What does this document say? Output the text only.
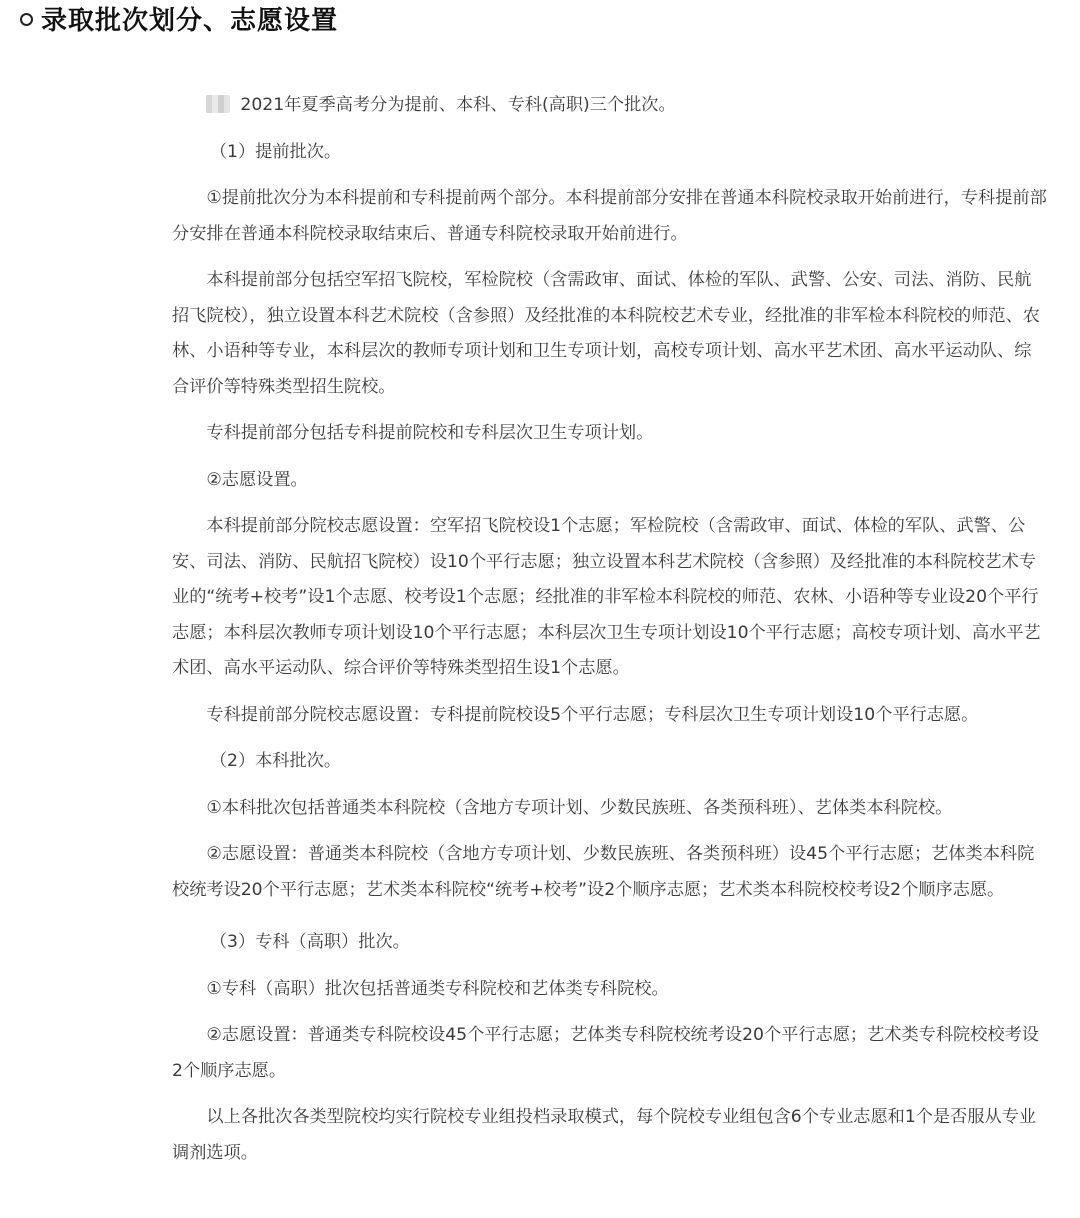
录取批次划分、志愿设置

2021年夏季高考分为提前、本科、专科(高职)三个批次。

（1）提前批次。

①提前批次分为本科提前和专科提前两个部分。本科提前部分安排在普通本科院校录取开始前进行，专科提前部分安排在普通本科院校录取结束后、普通专科院校录取开始前进行。

本科提前部分包括空军招飞院校，军检院校（含需政审、面试、体检的军队、武警、公安、司法、消防、民航招飞院校），独立设置本科艺术院校（含参照）及经批准的本科院校艺术专业，经批准的非军检本科院校的师范、农林、小语种等专业，本科层次的教师专项计划和卫生专项计划，高校专项计划、高水平艺术团、高水平运动队、综合评价等特殊类型招生院校。

专科提前部分包括专科提前院校和专科层次卫生专项计划。

②志愿设置。

本科提前部分院校志愿设置：空军招飞院校设1个志愿；军检院校（含需政审、面试、体检的军队、武警、公安、司法、消防、民航招飞院校）设10个平行志愿；独立设置本科艺术院校（含参照）及经批准的本科院校艺术专业的“统考+校考”设1个志愿、校考设1个志愿；经批准的非军检本科院校的师范、农林、小语种等专业设20个平行志愿；本科层次教师专项计划设10个平行志愿；本科层次卫生专项计划设10个平行志愿；高校专项计划、高水平艺术团、高水平运动队、综合评价等特殊类型招生设1个志愿。

专科提前部分院校志愿设置：专科提前院校设5个平行志愿；专科层次卫生专项计划设10个平行志愿。

（2）本科批次。

①本科批次包括普通类本科院校（含地方专项计划、少数民族班、各类预科班）、艺体类本科院校。

②志愿设置：普通类本科院校（含地方专项计划、少数民族班、各类预科班）设45个平行志愿；艺体类本科院校统考设20个平行志愿；艺术类本科院校“统考+校考”设2个顺序志愿；艺术类本科院校校考设2个顺序志愿。

（3）专科（高职）批次。

①专科（高职）批次包括普通类专科院校和艺体类专科院校。

②志愿设置：普通类专科院校设45个平行志愿；艺体类专科院校统考设20个平行志愿；艺术类专科院校校考设2个顺序志愿。

以上各批次各类型院校均实行院校专业组投档录取模式，每个院校专业组包含6个专业志愿和1个是否服从专业调剂选项。
